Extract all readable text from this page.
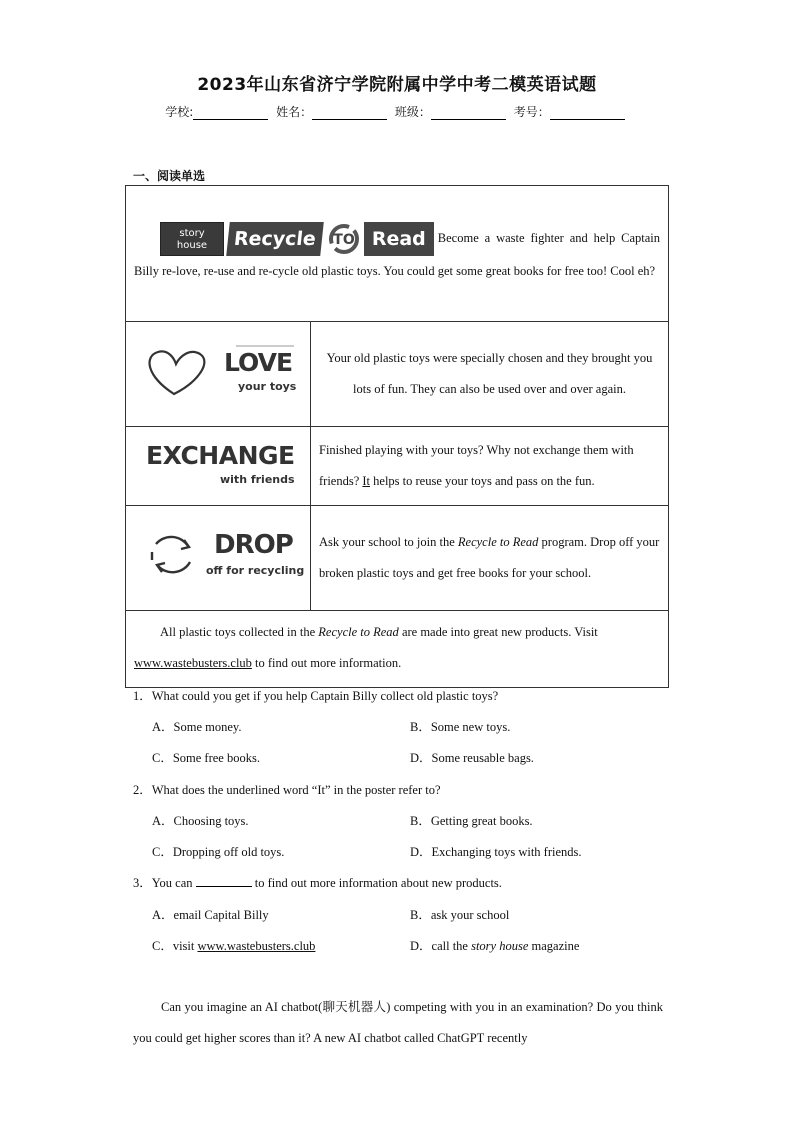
2023年山东省济宁学院附属中学中考二模英语试题
学校:	姓名：	班级：	考号：
一、阅读单选
story
house Recycle TO Read Become a waste fighter and help Captain Billy re-love, re-use and re-cycle old plastic toys. You could get some great books for free too! Cool eh?	

LOVE
your toys	Your old plastic toys were specially chosen and they brought you lots of fun. They can also be used over and over again.

EXCHANGE
with friends	Finished playing with your toys? Why not exchange them with friends? It helps to reuse your toys and pass on the fun.

DROP
off for recycling	Ask your school to join the Recycle to Read program. Drop off your broken plastic toys and get free books for your school.
All plastic toys collected in the Recycle to Read are made into great new products. Visit www.wastebusters.club to find out more information.	
1．What could you get if you help Captain Billy collect old plastic toys?
A．Some money.	B．Some new toys.
C．Some free books.	D．Some reusable bags.
2．What does the underlined word “It” in the poster refer to?
A．Choosing toys.	B．Getting great books.
C．Dropping off old toys.	D．Exchanging toys with friends.
3．You can	to find out more information about new products.
A．email Capital Billy	B．ask your school
C．visit www.wastebusters.club	D．call the story house magazine
Can you imagine an AI chatbot(聊天机器人) competing with you in an examination? Do you think you could get higher scores than it? A new AI chatbot called ChatGPT recently
